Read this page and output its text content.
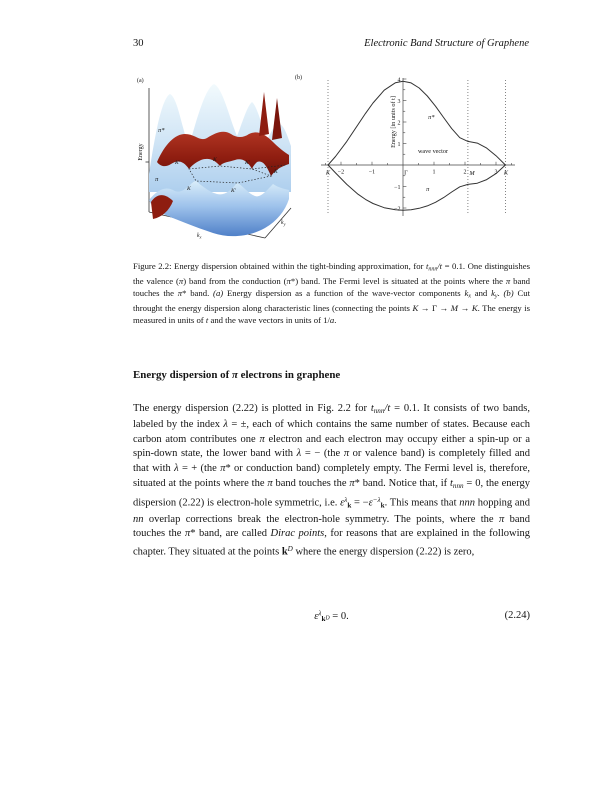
30	Electronic Band Structure of Graphene
(a)
Energy
$k_x$
$k_y$
π*
π
K′	K	K′
K
K′
K
(b)	4
3
2
1
−1
−2
−2	−1	1	2	3
K	Γ	M	K
Energy [in units of t]
wave vector
π*
π

Figure 2.2: Energy dispersion obtained within the tight-binding approximation, for tnnn/t = 0.1. One distinguishes the valence (π) band from the conduction (π*) band. The Fermi level is situated at the points where the π band touches the π* band. (a) Energy dispersion as a function of the wave-vector components kx and ky. (b) Cut throught the energy dispersion along characteristic lines (connecting the points K → Γ → M → K. The energy is measured in units of t and the wave vectors in units of 1/a.

Energy dispersion of π electrons in graphene

The energy dispersion (2.22) is plotted in Fig. 2.2 for tnnn/t = 0.1. It consists of two bands, labeled by the index λ = ±, each of which contains the same number of states. Because each carbon atom contributes one π electron and each electron may occupy either a spin-up or a spin-down state, the lower band with λ = − (the π or valence band) is completely filled and that with λ = + (the π* or conduction band) completely empty. The Fermi level is, therefore, situated at the points where the π band touches the π* band. Notice that, if tnnn = 0, the energy dispersion (2.22) is electron-hole symmetric, i.e. $\varepsilon^\lambda k = -\varepsilon^{-\lambda}k$. This means that nnn hopping and nn overlap corrections break the electron-hole symmetry. The points, where the π band touches the π* band, are called Dirac points, for reasons that are explained in the following chapter. They situated at the points $k^D$ where the energy dispersion (2.22) is zero,

$\varepsilon^\lambda kD = 0$.	(2.24)
